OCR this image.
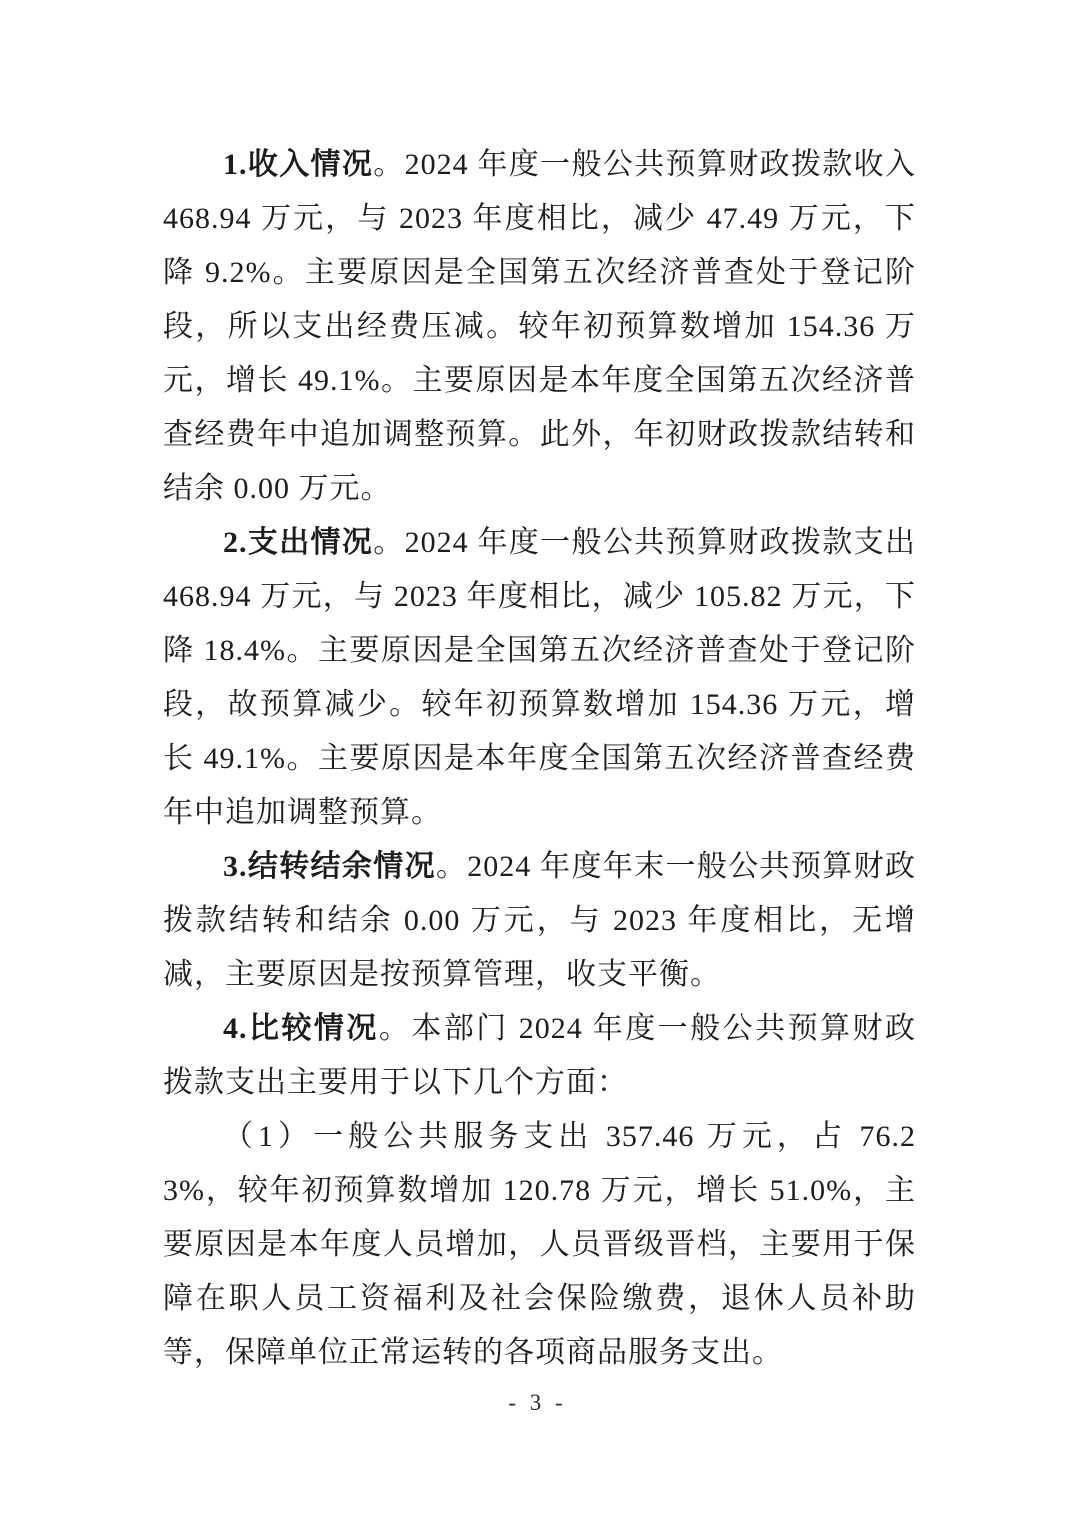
1.收入情况。2024 年度一般公共预算财政拨款收入 468.94 万元，与 2023 年度相比，减少 47.49 万元，下降 9.2%。主要原因是全国第五次经济普查处于登记阶段，所以支出经费压减。较年初预算数增加 154.36 万元，增长 49.1%。主要原因是本年度全国第五次经济普查经费年中追加调整预算。此外，年初财政拨款结转和结余 0.00 万元。

2.支出情况。2024 年度一般公共预算财政拨款支出 468.94 万元，与 2023 年度相比，减少 105.82 万元，下降 18.4%。主要原因是全国第五次经济普查处于登记阶段，故预算减少。较年初预算数增加 154.36 万元，增长 49.1%。主要原因是本年度全国第五次经济普查经费年中追加调整预算。

3.结转结余情况。2024 年度年末一般公共预算财政拨款结转和结余 0.00 万元，与 2023 年度相比，无增减，主要原因是按预算管理，收支平衡。

4.比较情况。本部门 2024 年度一般公共预算财政拨款支出主要用于以下几个方面：

（1）一般公共服务支出 357.46 万元，占 76.23%，较年初预算数增加 120.78 万元，增长 51.0%，主要原因是本年度人员增加，人员晋级晋档，主要用于保障在职人员工资福利及社会保险缴费，退休人员补助等，保障单位正常运转的各项商品服务支出。

- 3 -
